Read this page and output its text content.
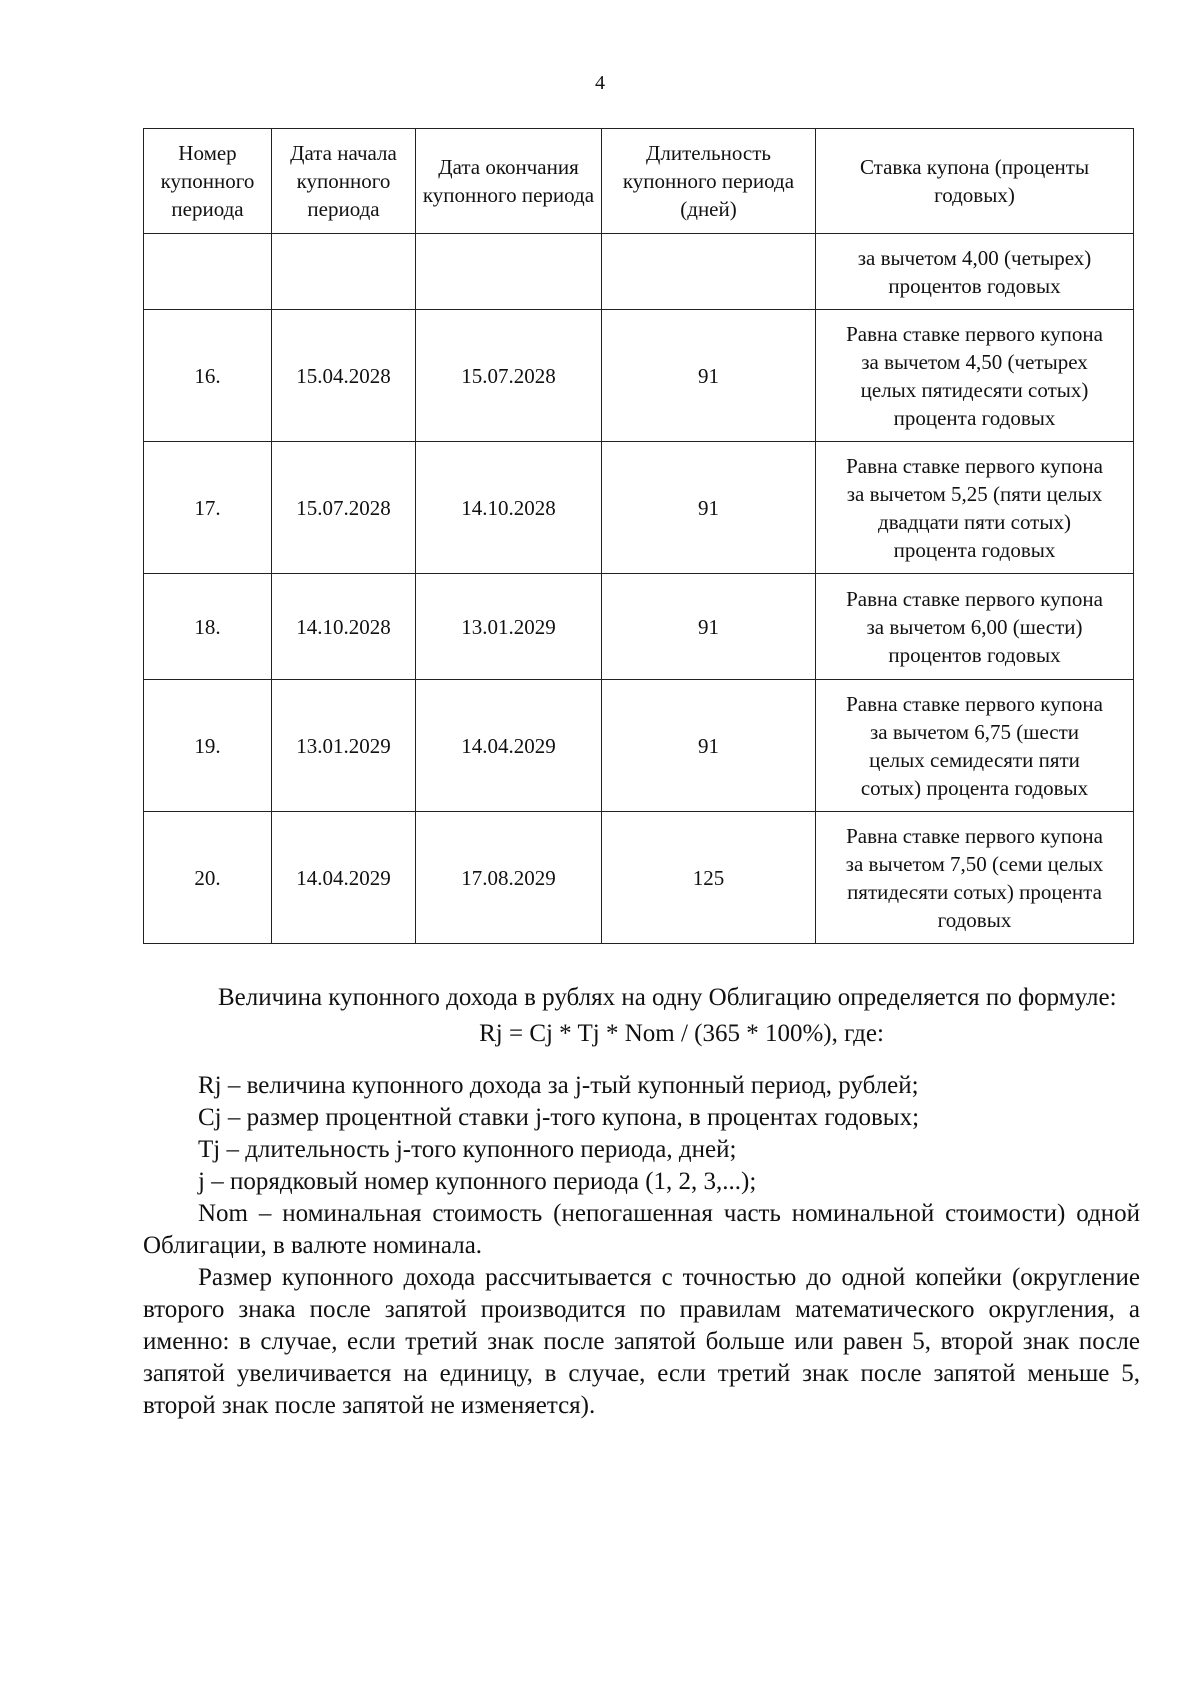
4
Номер купонного периода	Дата начала купонного периода	Дата окончания купонного периода	Длительность купонного периода (дней)	Ставка купона (проценты годовых)
				за вычетом 4,00 (четырех)
процентов годовых
16.	15.04.2028	15.07.2028	91	Равна ставке первого купона
за вычетом 4,50 (четырех
целых пятидесяти сотых)
процента годовых
17.	15.07.2028	14.10.2028	91	Равна ставке первого купона
за вычетом 5,25 (пяти целых
двадцати пяти сотых)
процента годовых
18.	14.10.2028	13.01.2029	91	Равна ставке первого купона
за вычетом 6,00 (шести)
процентов годовых
19.	13.01.2029	14.04.2029	91	Равна ставке первого купона
за вычетом 6,75 (шести
целых семидесяти пяти
сотых) процента годовых
20.	14.04.2029	17.08.2029	125	Равна ставке первого купона
за вычетом 7,50 (семи целых
пятидесяти сотых) процента
годовых

Величина купонного дохода в рублях на одну Облигацию определяется по формуле:

Rj = Cj * Tj * Nom / (365 * 100%), где:

Rj – величина купонного дохода за j-тый купонный период, рублей;

Cj – размер процентной ставки j-того купона, в процентах годовых;

Tj – длительность j-того купонного периода, дней;

j – порядковый номер купонного периода (1, 2, 3,...);

Nom – номинальная стоимость (непогашенная часть номинальной стоимости) одной Облигации, в валюте номинала.

Размер купонного дохода рассчитывается с точностью до одной копейки (округление второго знака после запятой производится по правилам математического округления, а именно: в случае, если третий знак после запятой больше или равен 5, второй знак после запятой увеличивается на единицу, в случае, если третий знак после запятой меньше 5, второй знак после запятой не изменяется).
